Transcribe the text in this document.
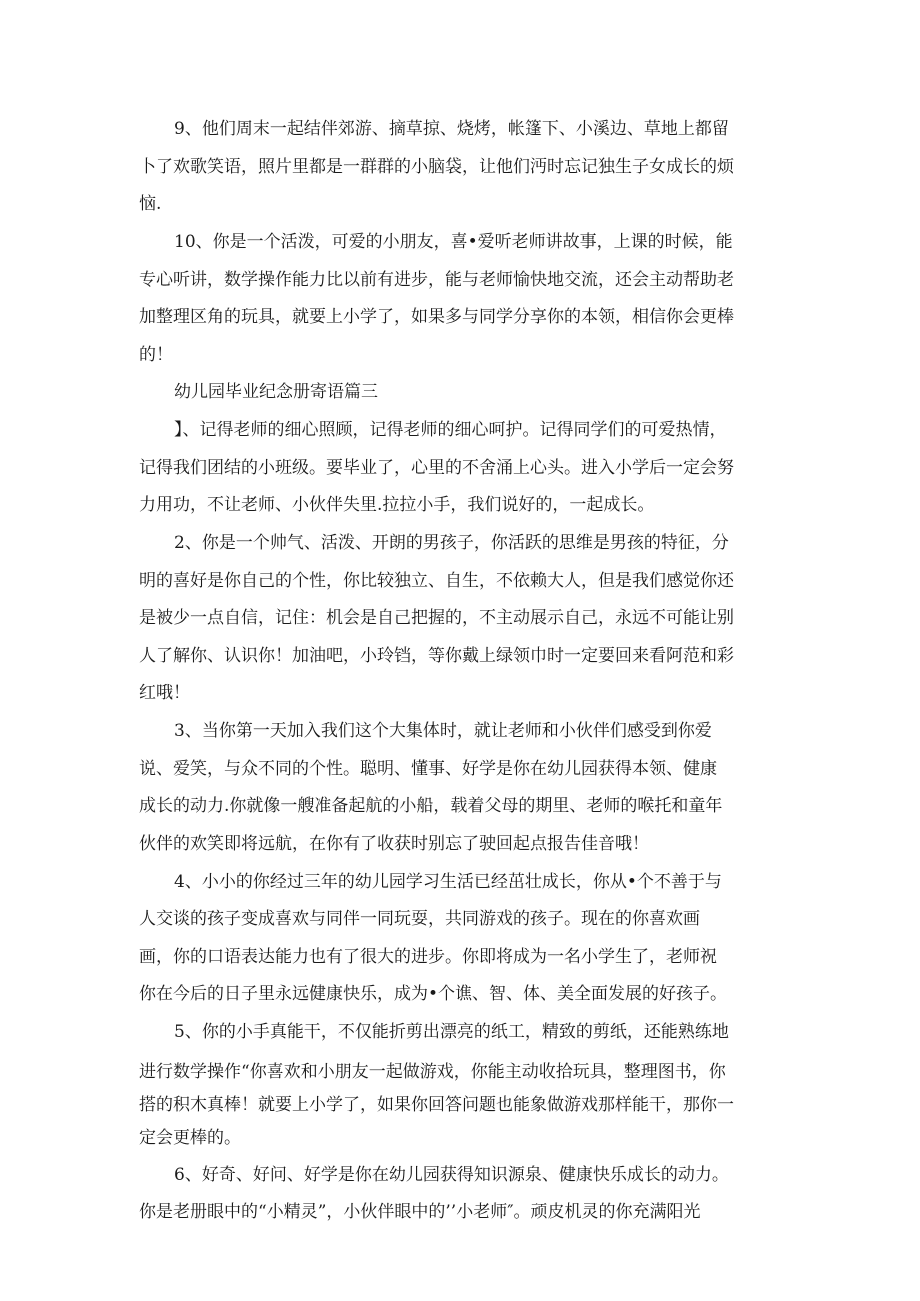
9、他们周末一起结伴郊游、摘草掠、烧烤，帐篷下、小溪边、草地上都留
卜了欢歌笑语，照片里都是一群群的小脑袋，让他们沔时忘记独生子女成长的烦
恼.
10、你是一个活泼，可爱的小朋友，喜•爱听老师讲故事，上课的时候，能
专心听讲，数学操作能力比以前有进步，能与老师愉快地交流，还会主动帮助老
加整理区角的玩具，就要上小学了，如果多与同学分享你的本领，相信你会更棒
的！
幼儿园毕业纪念册寄语篇三
】、记得老师的细心照顾，记得老师的细心呵护。记得同学们的可爱热情，
记得我们团结的小班级。要毕业了，心里的不舍涌上心头。进入小学后一定会努
力用功，不让老师、小伙伴失里.拉拉小手，我们说好的，一起成长。
2、你是一个帅气、活泼、开朗的男孩子，你活跃的思维是男孩的特征，分
明的喜好是你自己的个性，你比较独立、自生，不依赖大人，但是我们感觉你还
是被少一点自信，记住：机会是自己把握的，不主动展示自己，永远不可能让别
人了解你、认识你！加油吧，小玲铛，等你戴上绿领巾时一定要回来看阿范和彩
红哦！
3、当你第一天加入我们这个大集体时，就让老师和小伙伴们感受到你爱
说、爱笑，与众不同的个性。聪明、懂事、好学是你在幼儿园获得本领、健康
成长的动力.你就像一艘准备起航的小船，载着父母的期里、老师的喉托和童年
伙伴的欢笑即将远航，在你有了收获时别忘了驶回起点报告佳音哦！
4、小小的你经过三年的幼儿园学习生活已经茁壮成长，你从•个不善于与
人交谈的孩子变成喜欢与同伴一同玩耍，共同游戏的孩子。现在的你喜欢画
画，你的口语表达能力也有了很大的进步。你即将成为一名小学生了，老师祝
你在今后的日子里永远健康快乐，成为•个谯、智、体、美全面发展的好孩子。
5、你的小手真能干，不仅能折剪出漂亮的纸工，精致的剪纸，还能熟练地
进行数学操作“你喜欢和小朋友一起做游戏，你能主动收拾玩具，整理图书，你
搭的积木真棒！就要上小学了，如果你回答问题也能象做游戏那样能干，那你一
定会更棒的。
6、好奇、好问、好学是你在幼儿园获得知识源泉、健康快乐成长的动力。
你是老册眼中的“小精灵”，小伙伴眼中的’’小老师″。顽皮机灵的你充满阳光
